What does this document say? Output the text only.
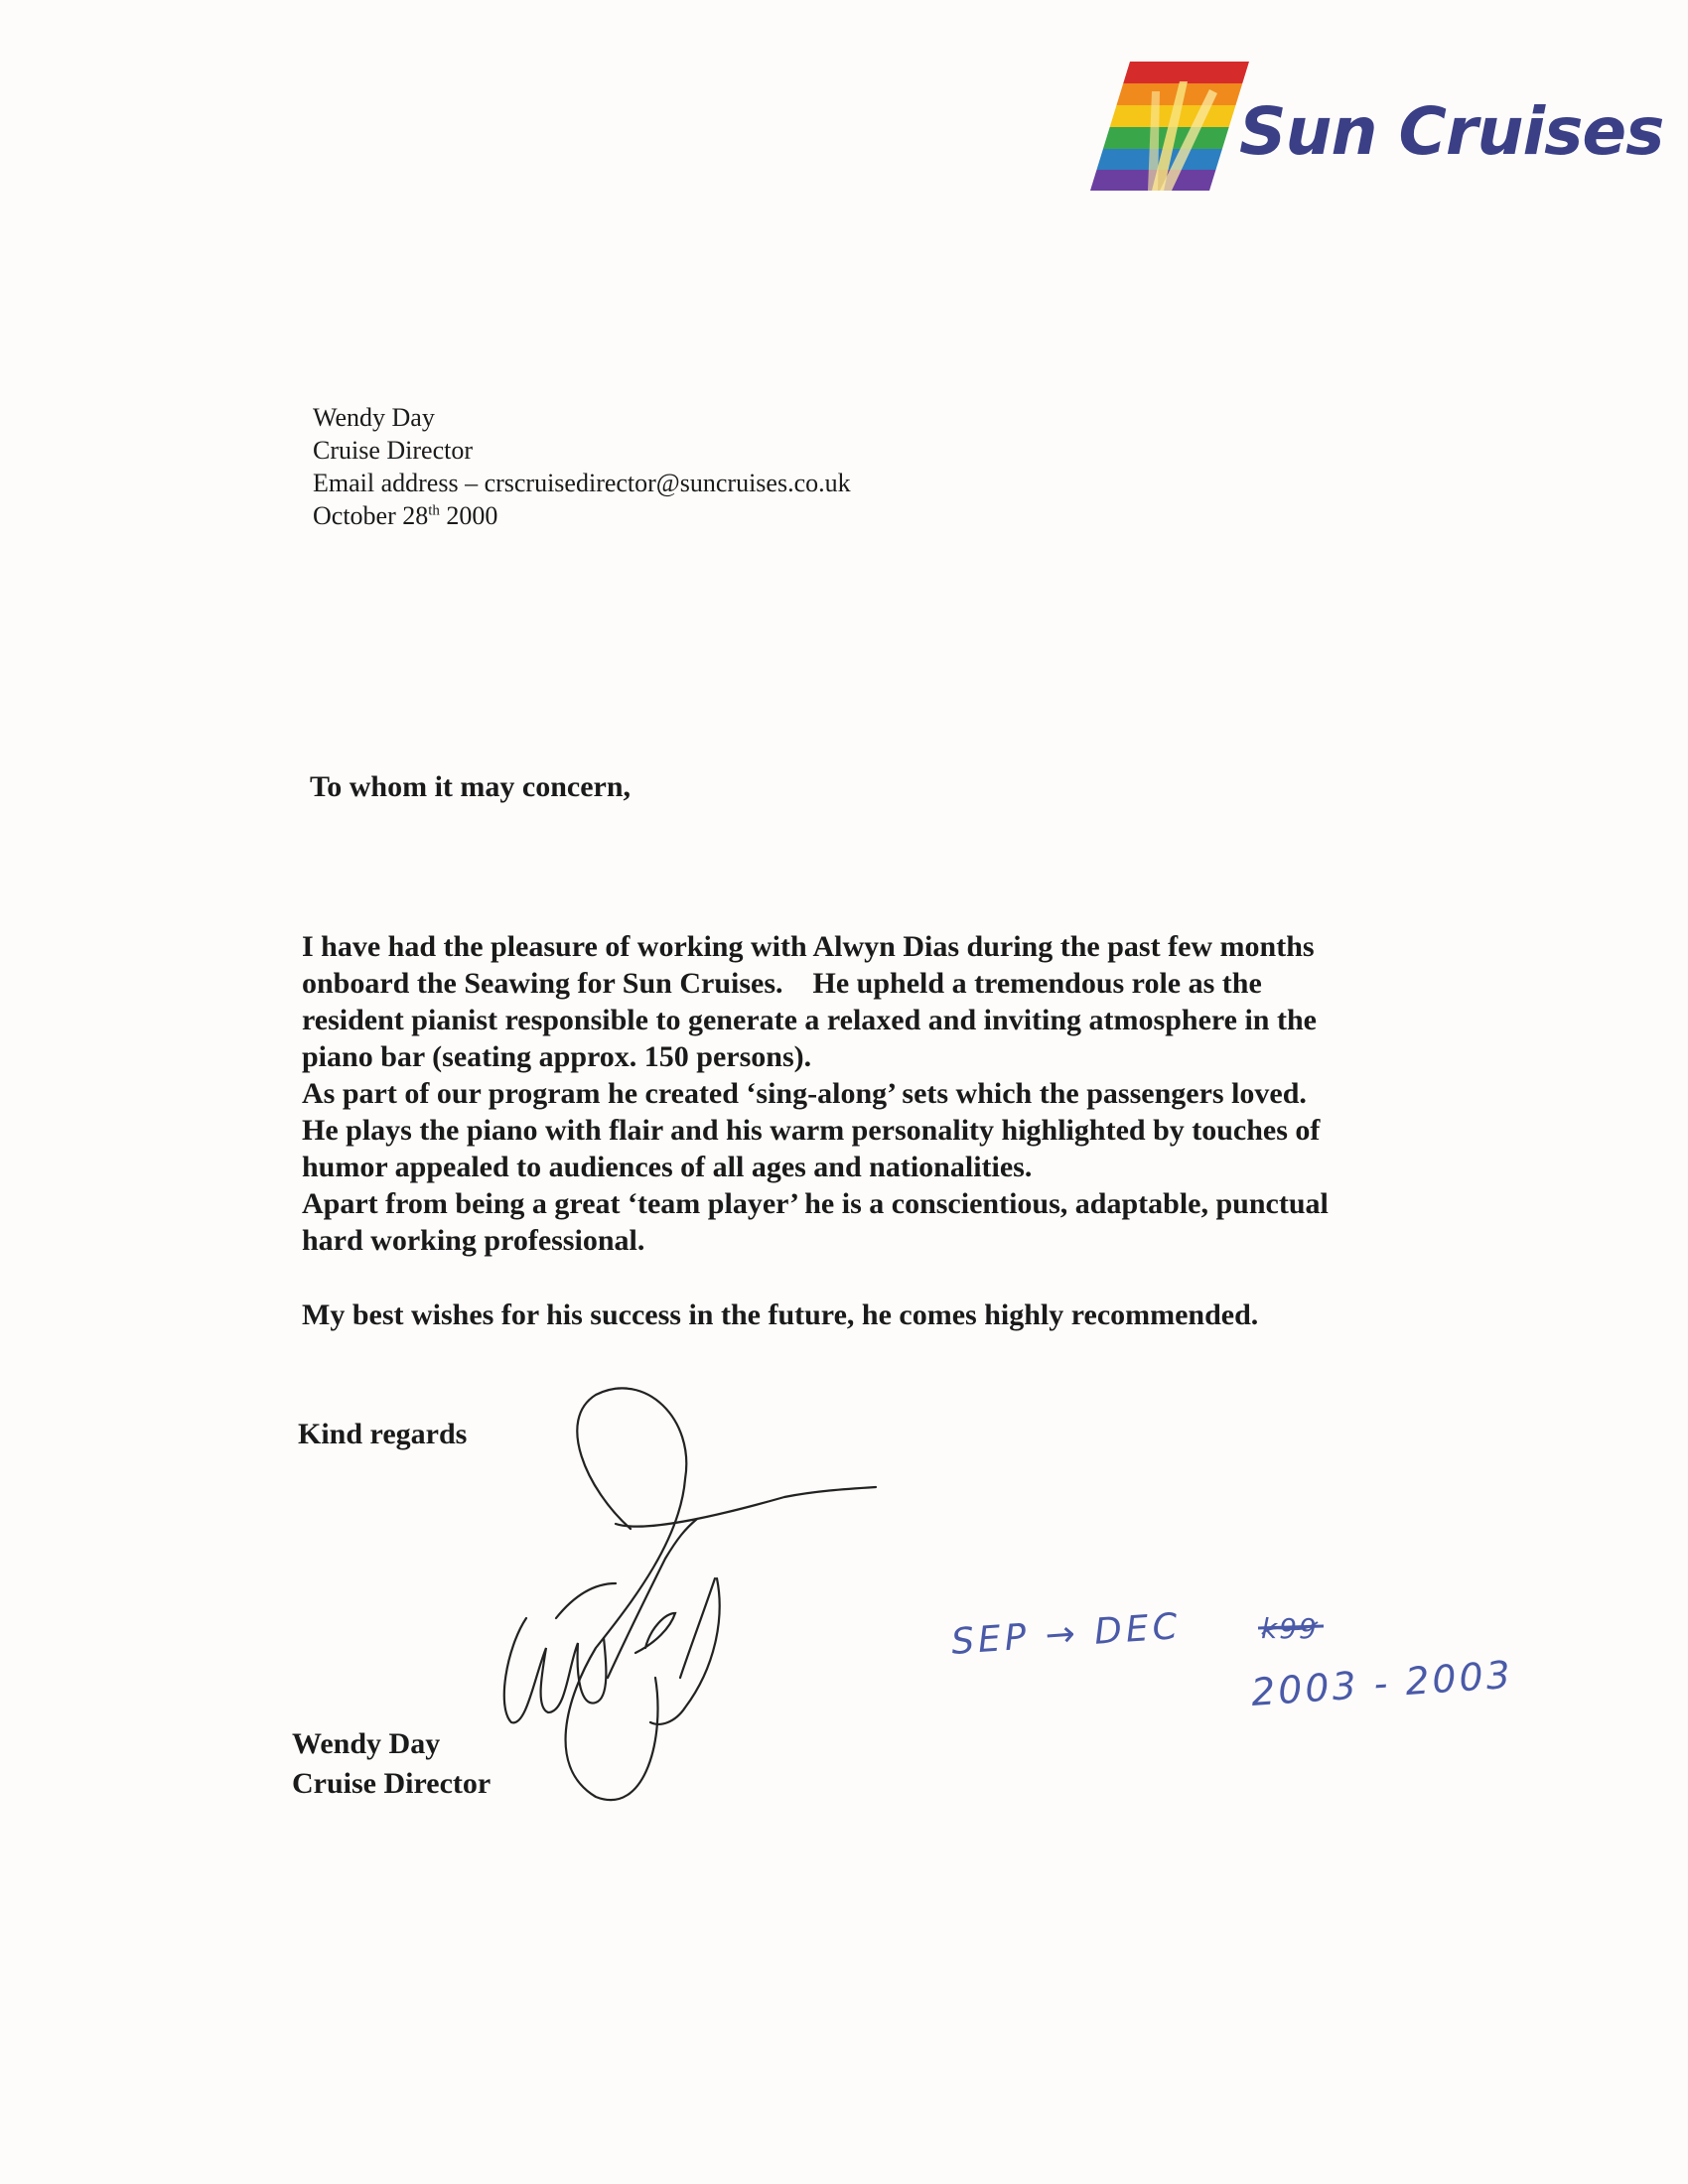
Sun Cruises
Wendy Day
Cruise Director
Email address – crscruisedirector@suncruises.co.uk
October 28th 2000
To whom it may concern,
I have had the pleasure of working with Alwyn Dias during the past few months
onboard the Seawing for Sun Cruises.    He upheld a tremendous role as the
resident pianist responsible to generate a relaxed and inviting atmosphere in the
piano bar (seating approx. 150 persons).
As part of our program he created ‘sing-along’ sets which the passengers loved.
He plays the piano with flair and his warm personality highlighted by touches of
humor appealed to audiences of all ages and nationalities.
Apart from being a great ‘team player’ he is a conscientious, adaptable, punctual
hard working professional.
My best wishes for his success in the future, he comes highly recommended.
Kind regards
Wendy Day
Cruise Director
SEP → DEC	k99
2003 - 2003
